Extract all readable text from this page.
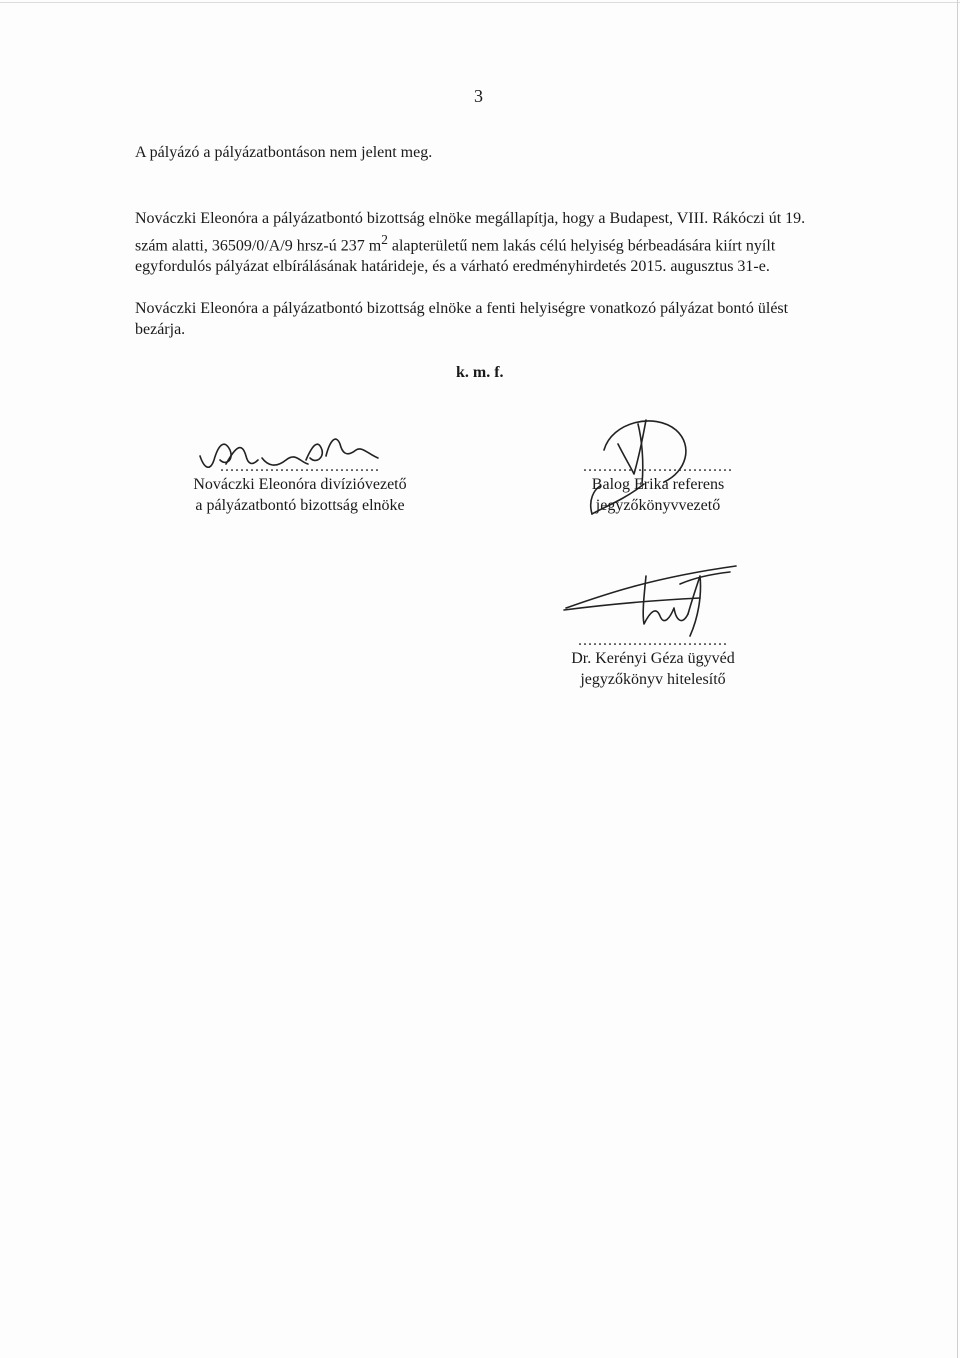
3

A pályázó a pályázatbontáson nem jelent meg.

Nováczki Eleonóra a pályázatbontó bizottság elnöke megállapítja, hogy a Budapest, VIII. Rákóczi út 19. szám alatti, 36509/0/A/9 hrsz-ú 237 $m^2$ alapterületű nem lakás célú helyiség bérbeadására kiírt nyílt egyfordulós pályázat elbírálásának határideje, és a várható eredményhirdetés 2015. augusztus 31-e.

Nováczki Eleonóra a pályázatbontó bizottság elnöke a fenti helyiségre vonatkozó pályázat bontó ülést bezárja.

k. m. f.
................................
Nováczki Eleonóra divízióvezető
a pályázatbontó bizottság elnöke
..............................
Balog Erika referens
jegyzőkönyvvezető
..............................
Dr. Kerényi Géza ügyvéd
jegyzőkönyv hitelesítő
